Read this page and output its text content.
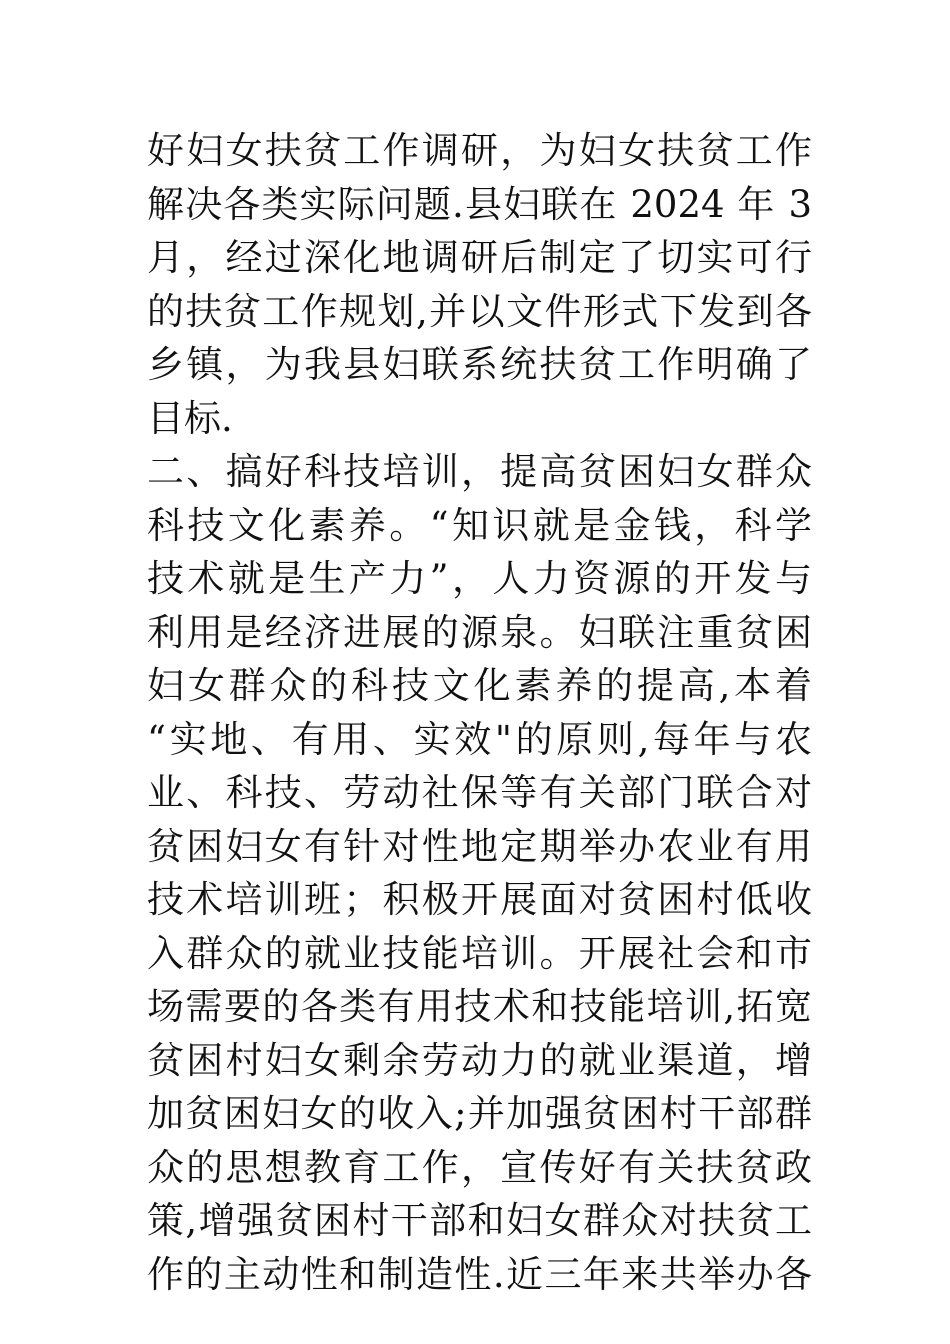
好妇女扶贫工作调研，为妇女扶贫工作
解决各类实际问题.县妇联在 2024 年 3
月，经过深化地调研后制定了切实可行
的扶贫工作规划,并以文件形式下发到各
乡镇，为我县妇联系统扶贫工作明确了
目标.
二、搞好科技培训，提高贫困妇女群众
科技文化素养。“知识就是金钱，科学
技术就是生产力”，人力资源的开发与
利用是经济进展的源泉。妇联注重贫困
妇女群众的科技文化素养的提高,本着
“实地、有用、实效"的原则,每年与农
业、科技、劳动社保等有关部门联合对
贫困妇女有针对性地定期举办农业有用
技术培训班；积极开展面对贫困村低收
入群众的就业技能培训。开展社会和市
场需要的各类有用技术和技能培训,拓宽
贫困村妇女剩余劳动力的就业渠道，增
加贫困妇女的收入;并加强贫困村干部群
众的思想教育工作，宣传好有关扶贫政
策,增强贫困村干部和妇女群众对扶贫工
作的主动性和制造性.近三年来共举办各
